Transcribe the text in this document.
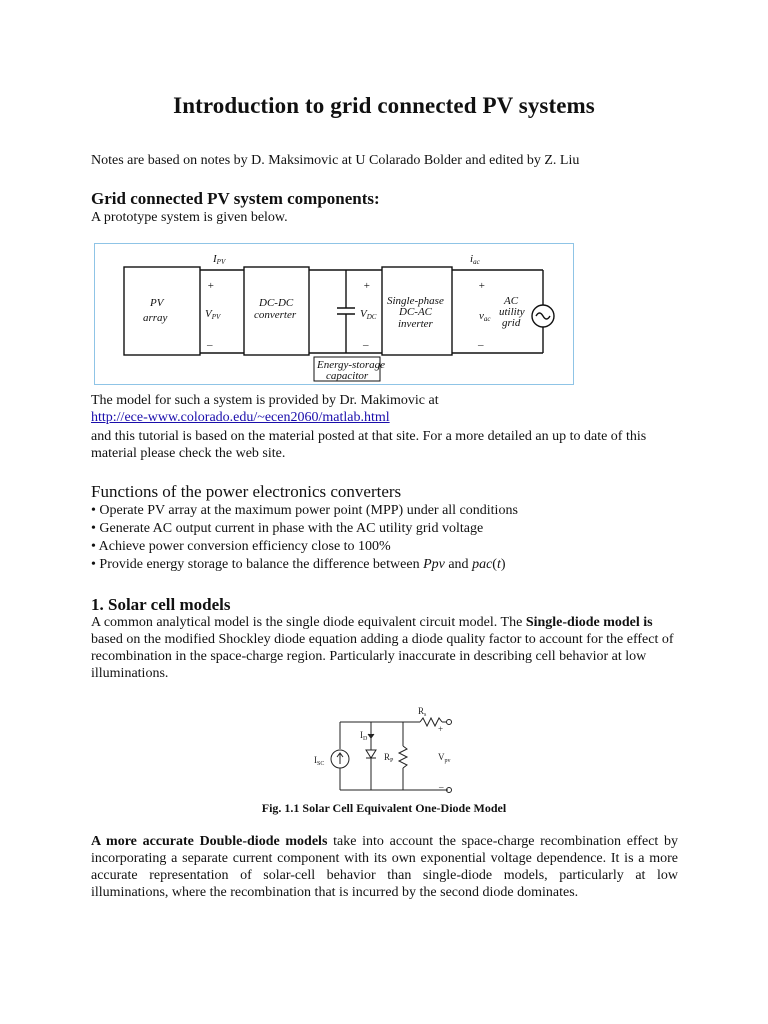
Introduction to grid connected PV systems

Notes are based on notes by D. Maksimovic at U Colarado Bolder and edited by Z. Liu

Grid connected PV system components:

A prototype system is given below.

PV
array	VPV
IPV
+
–
DC-DC
converter	VDC
+
–
Single-phase
DC-AC
inverter
iac
+
–
vac
AC
utility
grid
Energy-storage
capacitor

The model for such a system is provided by Dr. Makimovic at

http://ece-www.colorado.edu/~ecen2060/matlab.html

and this tutorial is based on the material posted at that site. For a more detailed an up to date of this material please check the web site.

Functions of the power electronics converters

• Operate PV array at the maximum power point (MPP) under all conditions

• Generate AC output current in phase with the AC utility grid voltage

• Achieve power conversion efficiency close to 100%

• Provide energy storage to balance the difference between Ppv and pac(t)

1. Solar cell models

A common analytical model is the single diode equivalent circuit model. The Single-diode model is based on the modified Shockley diode equation adding a diode quality factor to account for the effect of recombination in the space-charge region. Particularly inaccurate in describing cell behavior at low illuminations.

$R_s$
$I_D$
$I_{SC}$
$R_P$	$V_{pv}$
+
_
Fig. 1.1 Solar Cell Equivalent One-Diode Model

A more accurate Double-diode models take into account the space-charge recombination effect by incorporating a separate current component with its own exponential voltage dependence. It is a more accurate representation of solar-cell behavior than single-diode models, particularly at low illuminations, where the recombination that is incurred by the second diode dominates.
